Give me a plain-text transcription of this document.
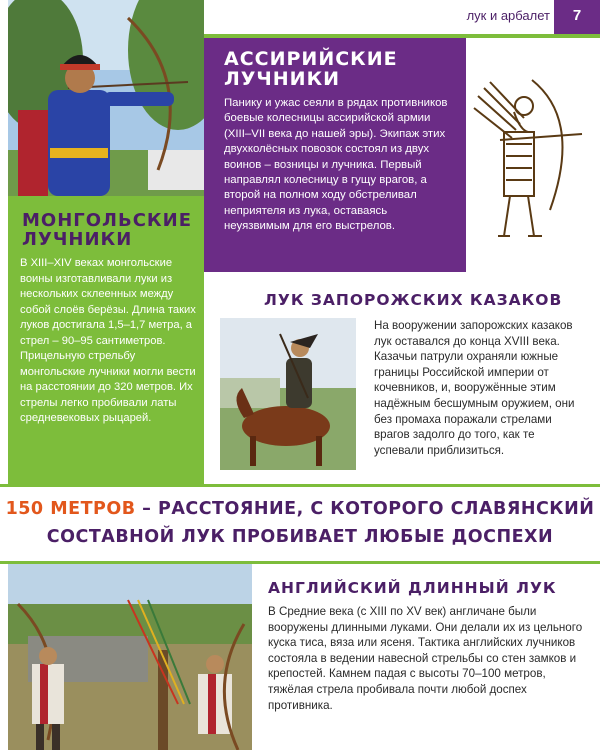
лук и арбалет	7
АССИРИЙСКИЕ
ЛУЧНИКИ
Панику и ужас сеяли в рядах противников боевые колесницы ассирийской армии (XIII–VII века до нашей эры). Экипаж этих двухколёсных повозок состоял из двух воинов – возницы и лучника. Первый направлял колесницу в гущу врагов, а второй на полном ходу обстреливал неприятеля из лука, оставаясь неуязвимым для его выстрелов.
МОНГОЛЬСКИЕ
ЛУЧНИКИ
В XIII–XIV веках монгольские воины изготавливали луки из нескольких склеенных между собой слоёв берёзы. Длина таких луков достигала 1,5–1,7 метра, а стрел – 90–95 сантиметров. Прицельную стрельбу монгольские лучники могли вести на расстоянии до 320 метров. Их стрелы легко пробивали латы средневековых рыцарей.
ЛУК ЗАПОРОЖСКИХ КАЗАКОВ
На вооружении запорожских казаков лук оставался до конца XVIII века. Казачьи патрули охраняли южные границы Российской империи от кочевников, и, вооружённые этим надёжным бесшумным оружием, они без промаха поражали стрелами врагов задолго до того, как те успевали приблизиться.
150 МЕТРОВ – РАССТОЯНИЕ, С КОТОРОГО СЛАВЯНСКИЙ
СОСТАВНОЙ ЛУК ПРОБИВАЕТ ЛЮБЫЕ ДОСПЕХИ
АНГЛИЙСКИЙ ДЛИННЫЙ ЛУК
В Средние века (с XIII по XV век) англичане были вооружены длинными луками. Они делали их из цельного куска тиса, вяза или ясеня. Тактика английских лучников состояла в ведении навесной стрельбы со стен замков и крепостей. Камнем падая с высоты 70–100 метров, тяжёлая стрела пробивала почти любой доспех противника.
